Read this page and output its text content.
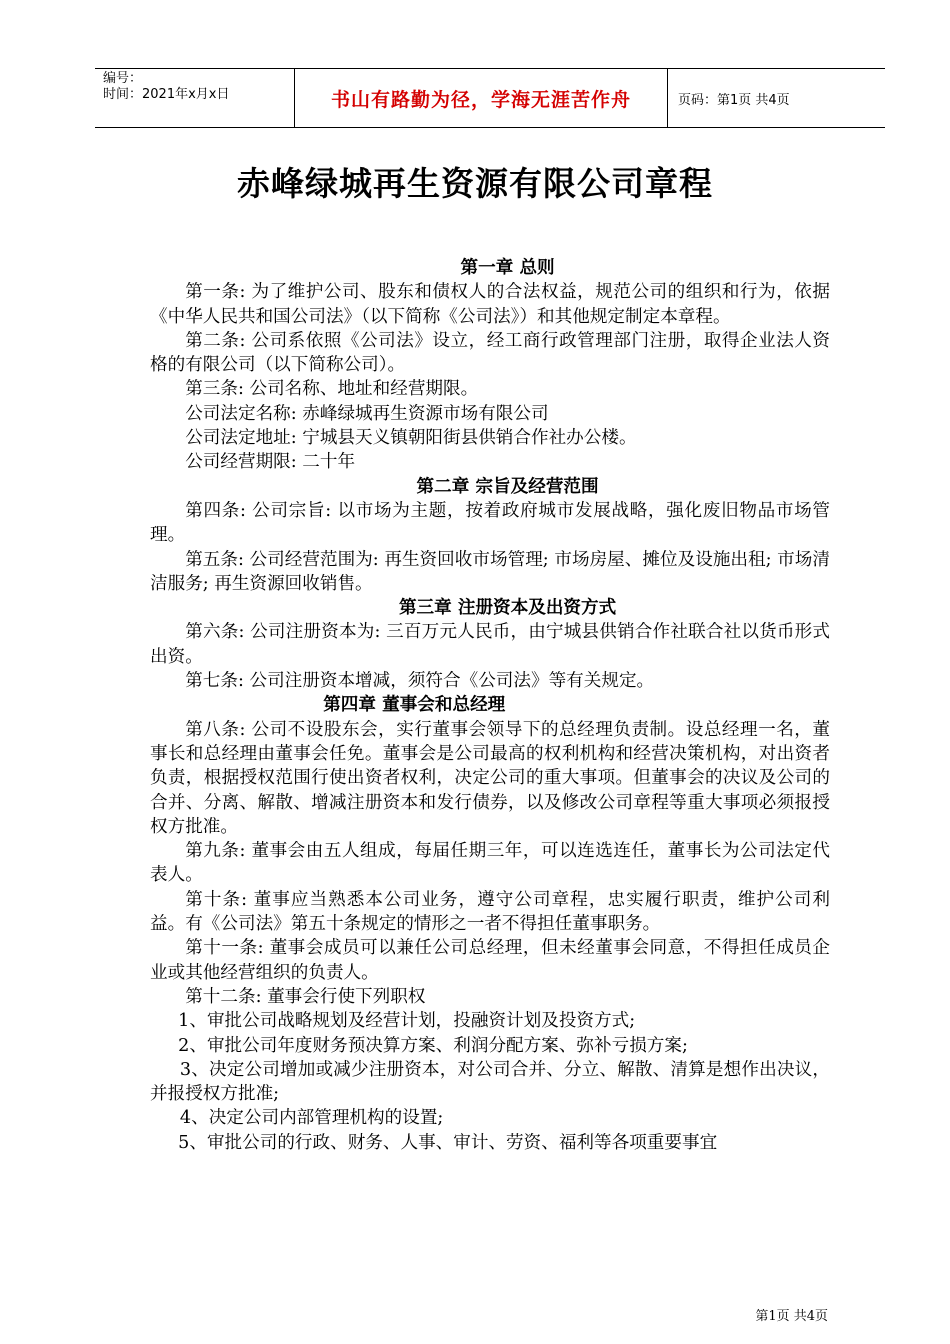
编号：
时间：2021年x月x日	书山有路勤为径，学海无涯苦作舟	页码：第1页 共4页
赤峰绿城再生资源有限公司章程

第一章 总则

第一条: 为了维护公司、股东和债权人的合法权益，规范公司的组织和行为，依据《中华人民共和国公司法》（以下简称《公司法》）和其他规定制定本章程。

第二条: 公司系依照《公司法》设立，经工商行政管理部门注册，取得企业法人资格的有限公司（以下简称公司）。

第三条: 公司名称、地址和经营期限。

公司法定名称: 赤峰绿城再生资源市场有限公司

公司法定地址: 宁城县天义镇朝阳街县供销合作社办公楼。

公司经营期限: 二十年

第二章 宗旨及经营范围

第四条: 公司宗旨: 以市场为主题，按着政府城市发展战略，强化废旧物品市场管理。

第五条: 公司经营范围为: 再生资回收市场管理; 市场房屋、摊位及设施出租; 市场清洁服务; 再生资源回收销售。

第三章 注册资本及出资方式

第六条: 公司注册资本为: 三百万元人民币，由宁城县供销合作社联合社以货币形式出资。

第七条: 公司注册资本增减，须符合《公司法》等有关规定。

第四章 董事会和总经理

第八条: 公司不设股东会，实行董事会领导下的总经理负责制。设总经理一名，董事长和总经理由董事会任免。董事会是公司最高的权利机构和经营决策机构，对出资者负责，根据授权范围行使出资者权利，决定公司的重大事项。但董事会的决议及公司的合并、分离、解散、增减注册资本和发行债券，以及修改公司章程等重大事项必须报授权方批准。

第九条: 董事会由五人组成，每届任期三年，可以连选连任，董事长为公司法定代表人。

第十条: 董事应当熟悉本公司业务，遵守公司章程，忠实履行职责，维护公司利益。有《公司法》第五十条规定的情形之一者不得担任董事职务。

第十一条: 董事会成员可以兼任公司总经理，但未经董事会同意，不得担任成员企业或其他经营组织的负责人。

第十二条: 董事会行使下列职权

1、审批公司战略规划及经营计划，投融资计划及投资方式;

2、审批公司年度财务预决算方案、利润分配方案、弥补亏损方案;

3、决定公司增加或减少注册资本，对公司合并、分立、解散、清算是想作出决议，并报授权方批准;

4、决定公司内部管理机构的设置;

5、审批公司的行政、财务、人事、审计、劳资、福利等各项重要事宜

第1页 共4页
